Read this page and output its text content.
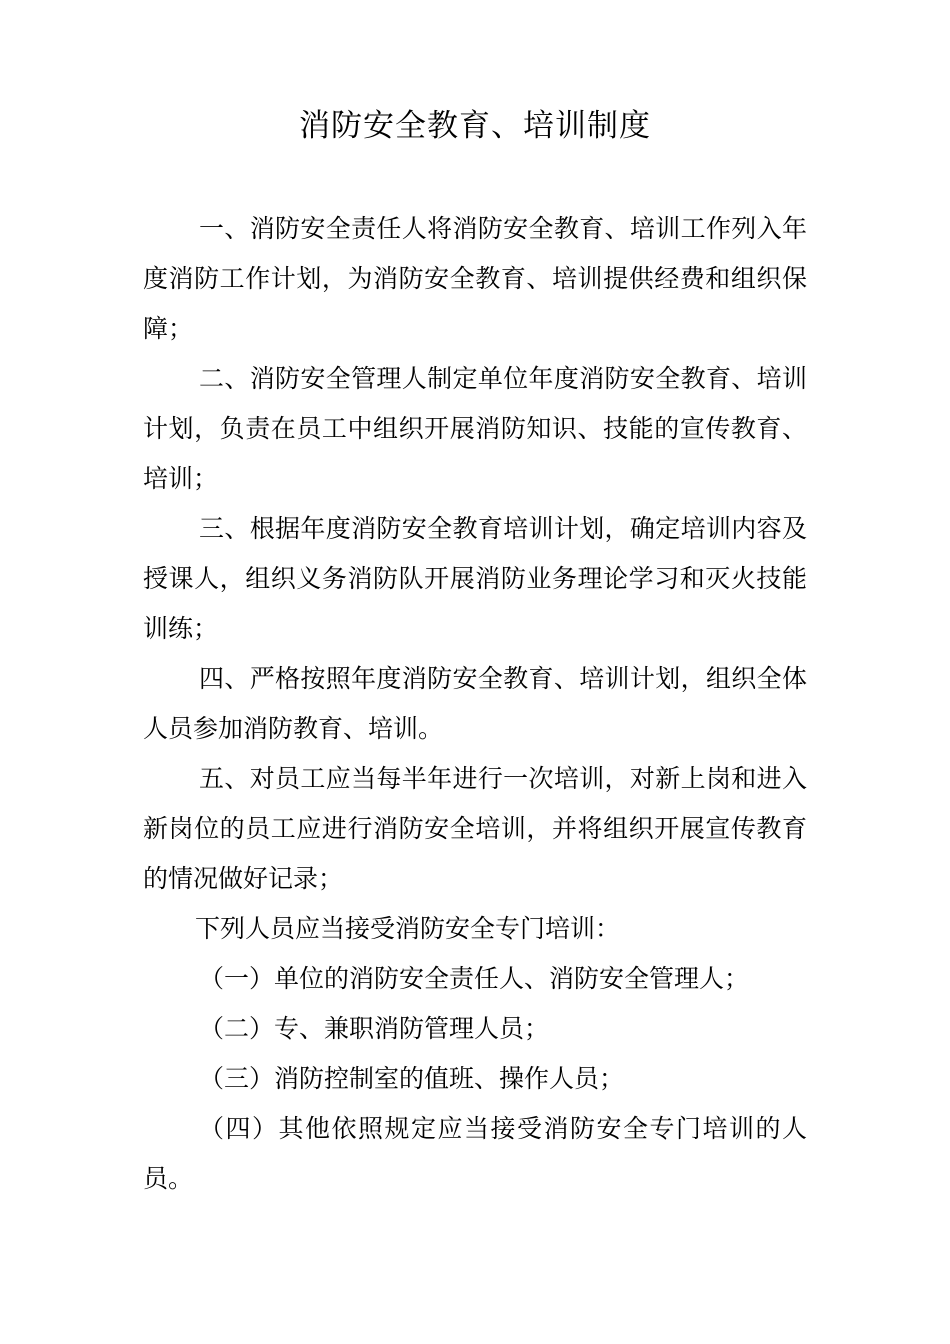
消防安全教育、培训制度

一、消防安全责任人将消防安全教育、培训工作列入年度消防工作计划，为消防安全教育、培训提供经费和组织保障；

二、消防安全管理人制定单位年度消防安全教育、培训计划，负责在员工中组织开展消防知识、技能的宣传教育、培训；

三、根据年度消防安全教育培训计划，确定培训内容及授课人，组织义务消防队开展消防业务理论学习和灭火技能训练；

四、严格按照年度消防安全教育、培训计划，组织全体人员参加消防教育、培训。

五、对员工应当每半年进行一次培训，对新上岗和进入新岗位的员工应进行消防安全培训，并将组织开展宣传教育的情况做好记录；

下列人员应当接受消防安全专门培训：

（一）单位的消防安全责任人、消防安全管理人；

（二）专、兼职消防管理人员；

（三）消防控制室的值班、操作人员；

（四）其他依照规定应当接受消防安全专门培训的人员。
